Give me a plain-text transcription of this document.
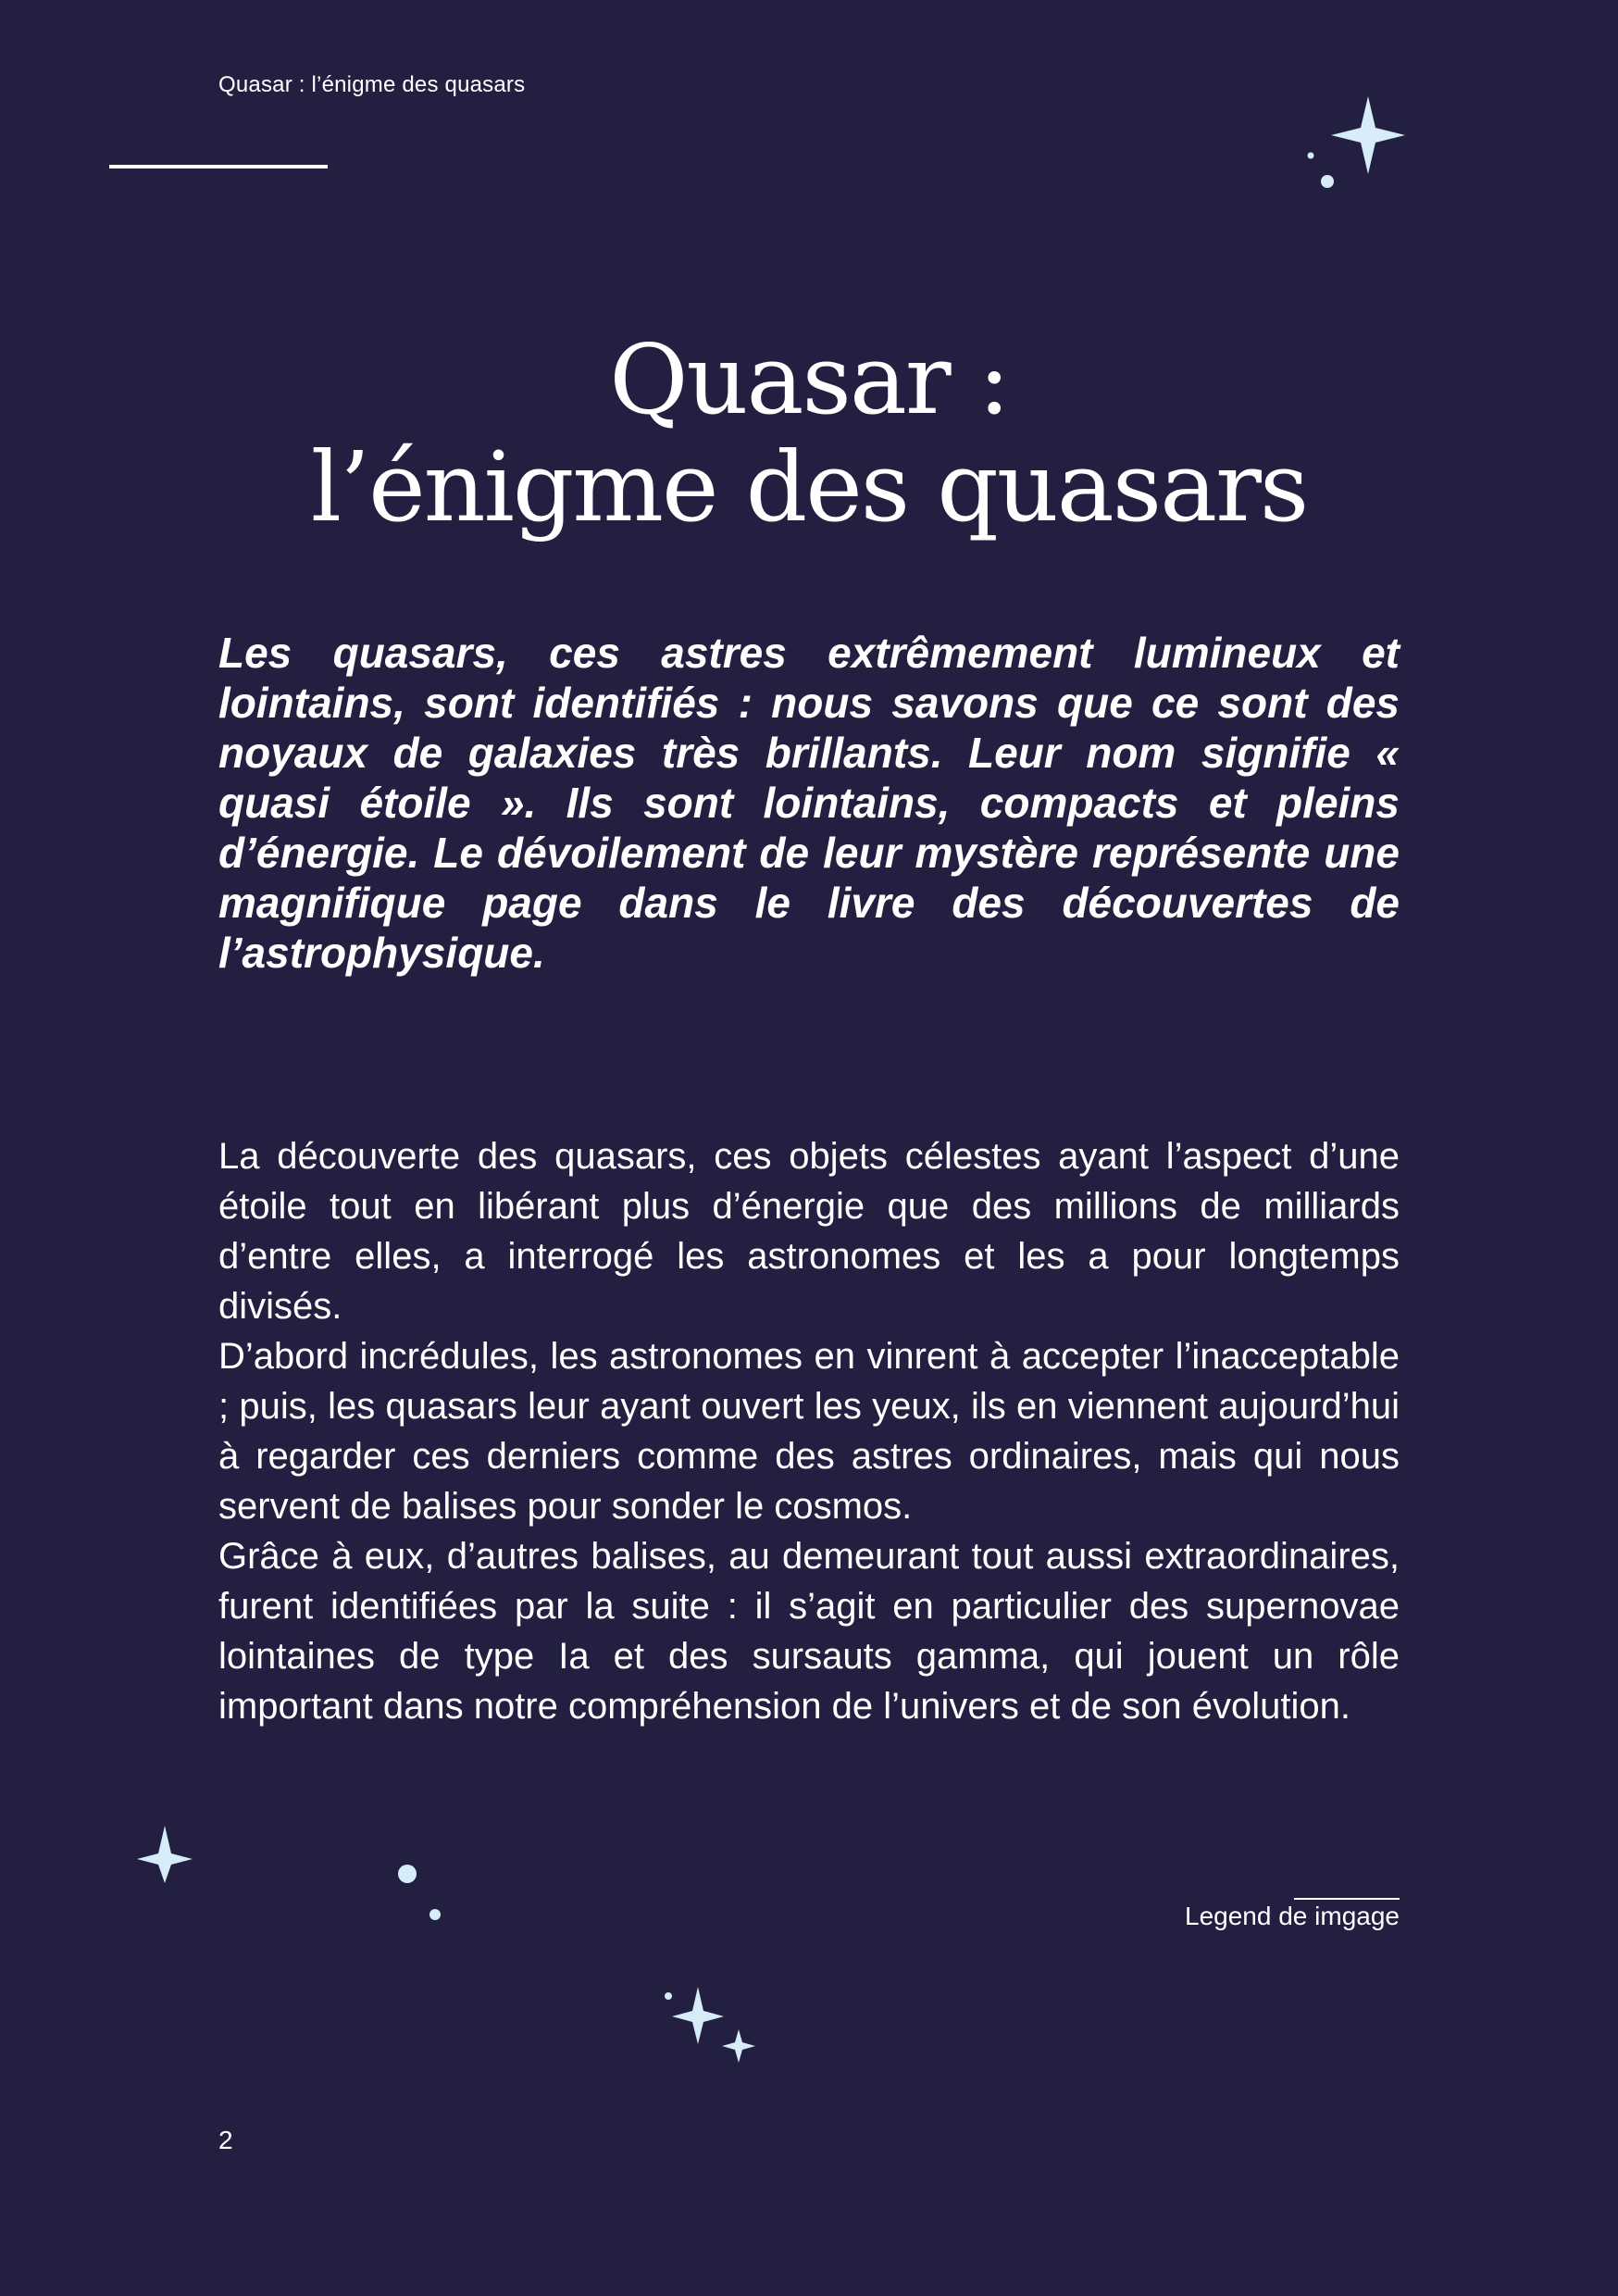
Quasar : l’énigme des quasars
Quasar :
l’énigme des quasars

Les quasars, ces astres extrêmement lumineux et lointains, sont identifiés : nous savons que ce sont des noyaux de galaxies très brillants. Leur nom signifie « quasi étoile ». Ils sont lointains, compacts et pleins d’énergie. Le dévoilement de leur mystère représente une magnifique page dans le livre des découvertes de l’astrophysique.

La découverte des quasars, ces objets célestes ayant l’aspect d’une étoile tout en libérant plus d’énergie que des millions de milliards d’entre elles, a interrogé les astronomes et les a pour longtemps divisés.

D’abord incrédules, les astronomes en vinrent à accepter l’inacceptable ; puis, les quasars leur ayant ouvert les yeux, ils en viennent aujourd’hui à regarder ces derniers comme des astres ordinaires, mais qui nous servent de balises pour sonder le cosmos.

Grâce à eux, d’autres balises, au demeurant tout aussi extraordinaires, furent identifiées par la suite : il s’agit en particulier des supernovae lointaines de type Ia et des sursauts gamma, qui jouent un rôle important dans notre compréhension de l’univers et de son évolution.

Legend de imgage
2
